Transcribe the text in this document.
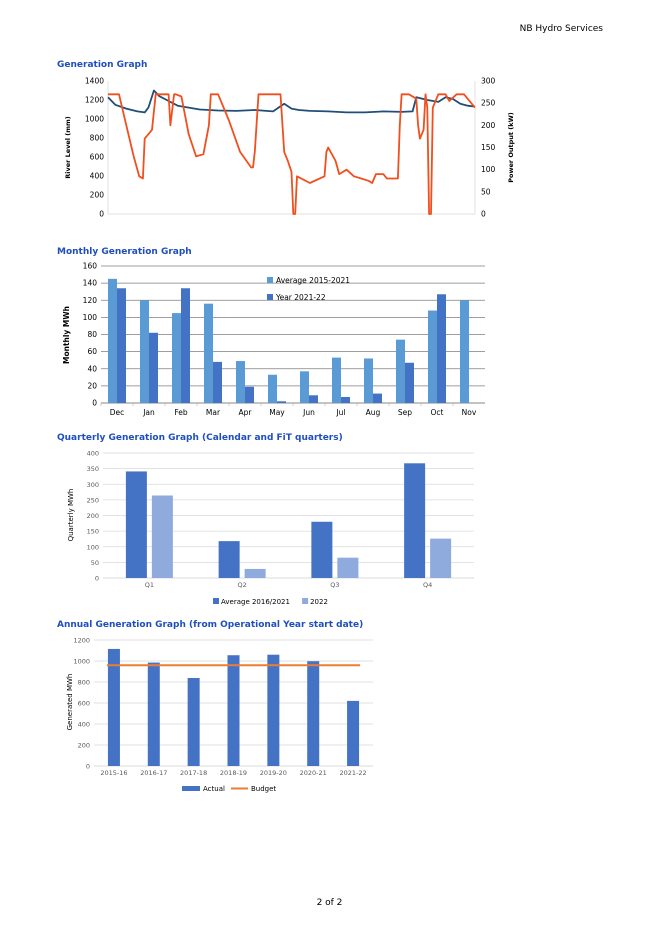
NB Hydro Services
Generation Graph
Monthly Generation Graph
Quarterly Generation Graph (Calendar and FiT quarters)
Annual Generation Graph (from Operational Year start date)
0
200
400
600
800
1000
1200
1400
0
50
100
150
200
250
300
River Level (mm)	Power Output (kW)
0
20
40
60
80
100
120
140
160
Dec	Jan	Feb Mar Apr May Jun	Jul	Aug Sep Oct Nov
Monthly MWh
Average 2015-2021
Year 2021-22
0
50
100
150
200
250
300
350
400
Q1	Q2	Q3	Q4
Quarterly MWh
Average 2016/2021	2022
0
200
400
600
800
1000
1200
2015-16 2016-17 2017-18 2018-19 2019-20 2020-21 2021-22
Generated MWh
Actual	Budget
2 of 2
